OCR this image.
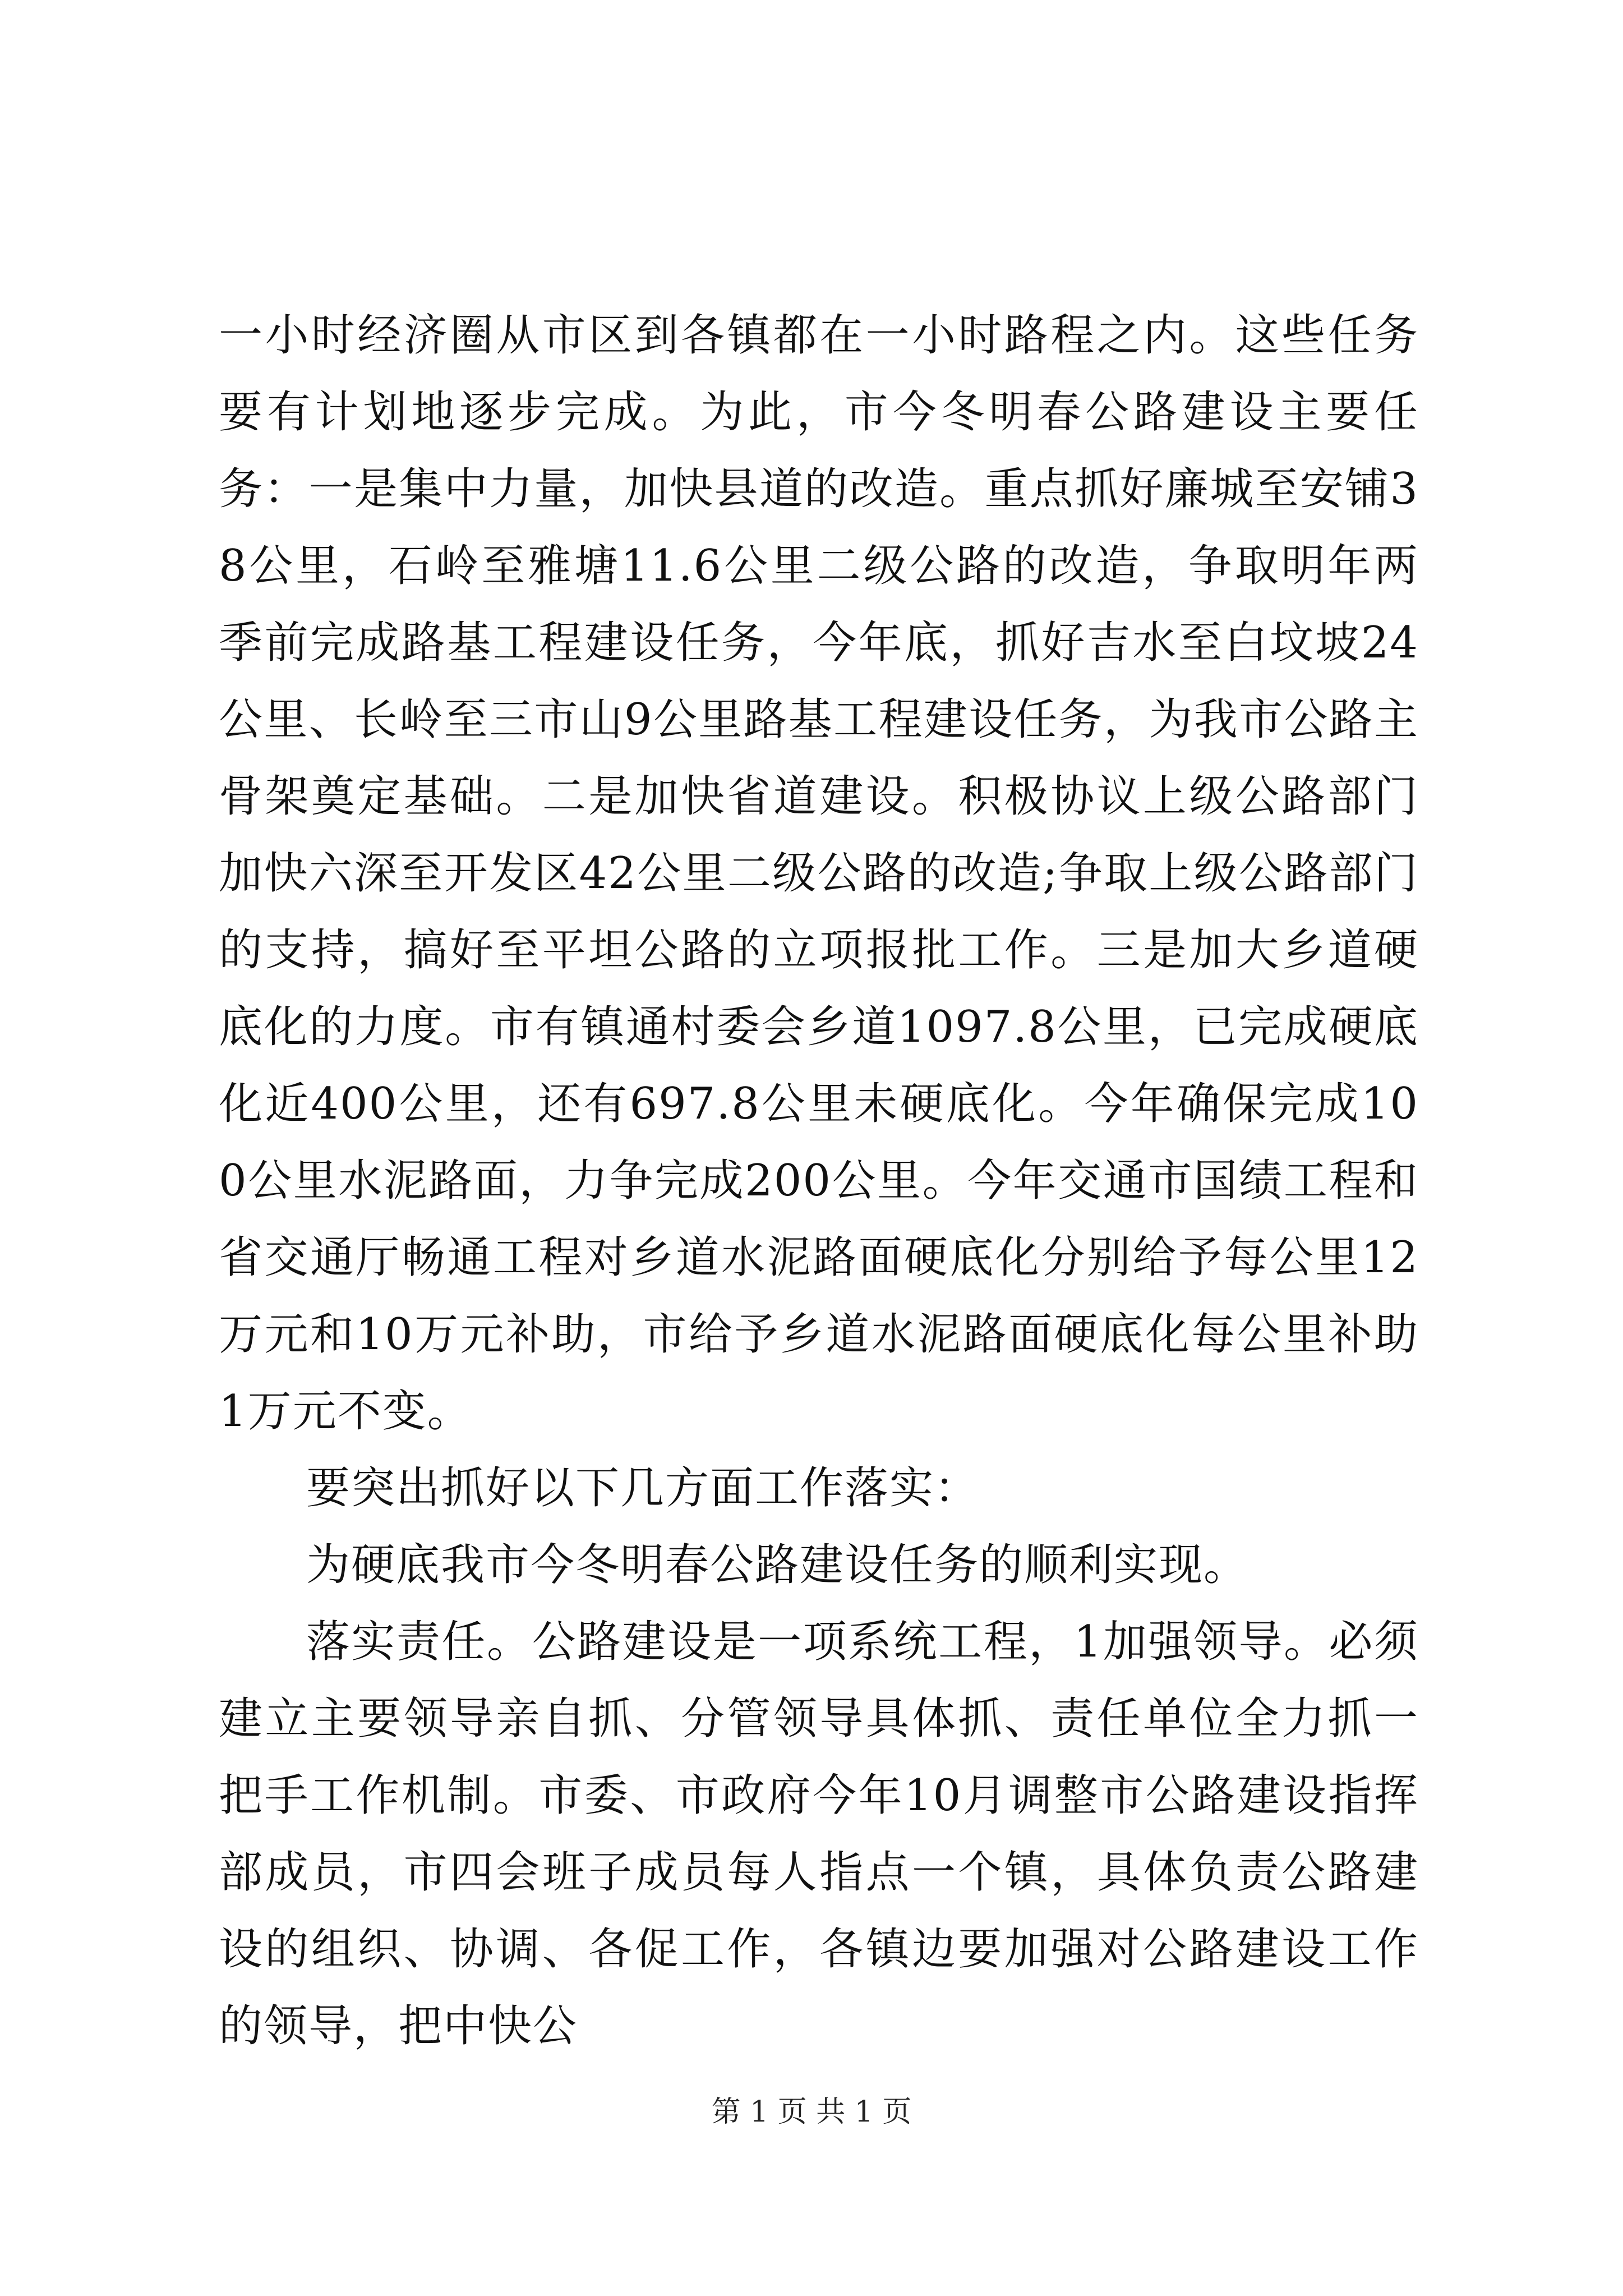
一小时经济圈从市区到各镇都在一小时路程之内。这些任务要有计划地逐步完成。为此，市今冬明春公路建设主要任务：一是集中力量，加快县道的改造。重点抓好廉城至安铺38公里，石岭至雅塘11.6公里二级公路的改造，争取明年两季前完成路基工程建设任务，今年底，抓好吉水至白坟坡24公里、长岭至三市山9公里路基工程建设任务，为我市公路主骨架奠定基础。二是加快省道建设。积极协议上级公路部门加快六深至开发区42公里二级公路的改造;争取上级公路部门的支持，搞好至平坦公路的立项报批工作。三是加大乡道硬底化的力度。市有镇通村委会乡道1097.8公里，已完成硬底化近400公里，还有697.8公里未硬底化。今年确保完成100公里水泥路面，力争完成200公里。今年交通市国绩工程和省交通厅畅通工程对乡道水泥路面硬底化分别给予每公里12万元和10万元补助，市给予乡道水泥路面硬底化每公里补助1万元不变。

要突出抓好以下几方面工作落实：

为硬底我市今冬明春公路建设任务的顺利实现。

落实责任。公路建设是一项系统工程，1加强领导。必须建立主要领导亲自抓、分管领导具体抓、责任单位全力抓一把手工作机制。市委、市政府今年10月调整市公路建设指挥部成员，市四会班子成员每人指点一个镇，具体负责公路建设的组织、协调、各促工作，各镇边要加强对公路建设工作的领导，把中快公

第 1 页 共 1 页
